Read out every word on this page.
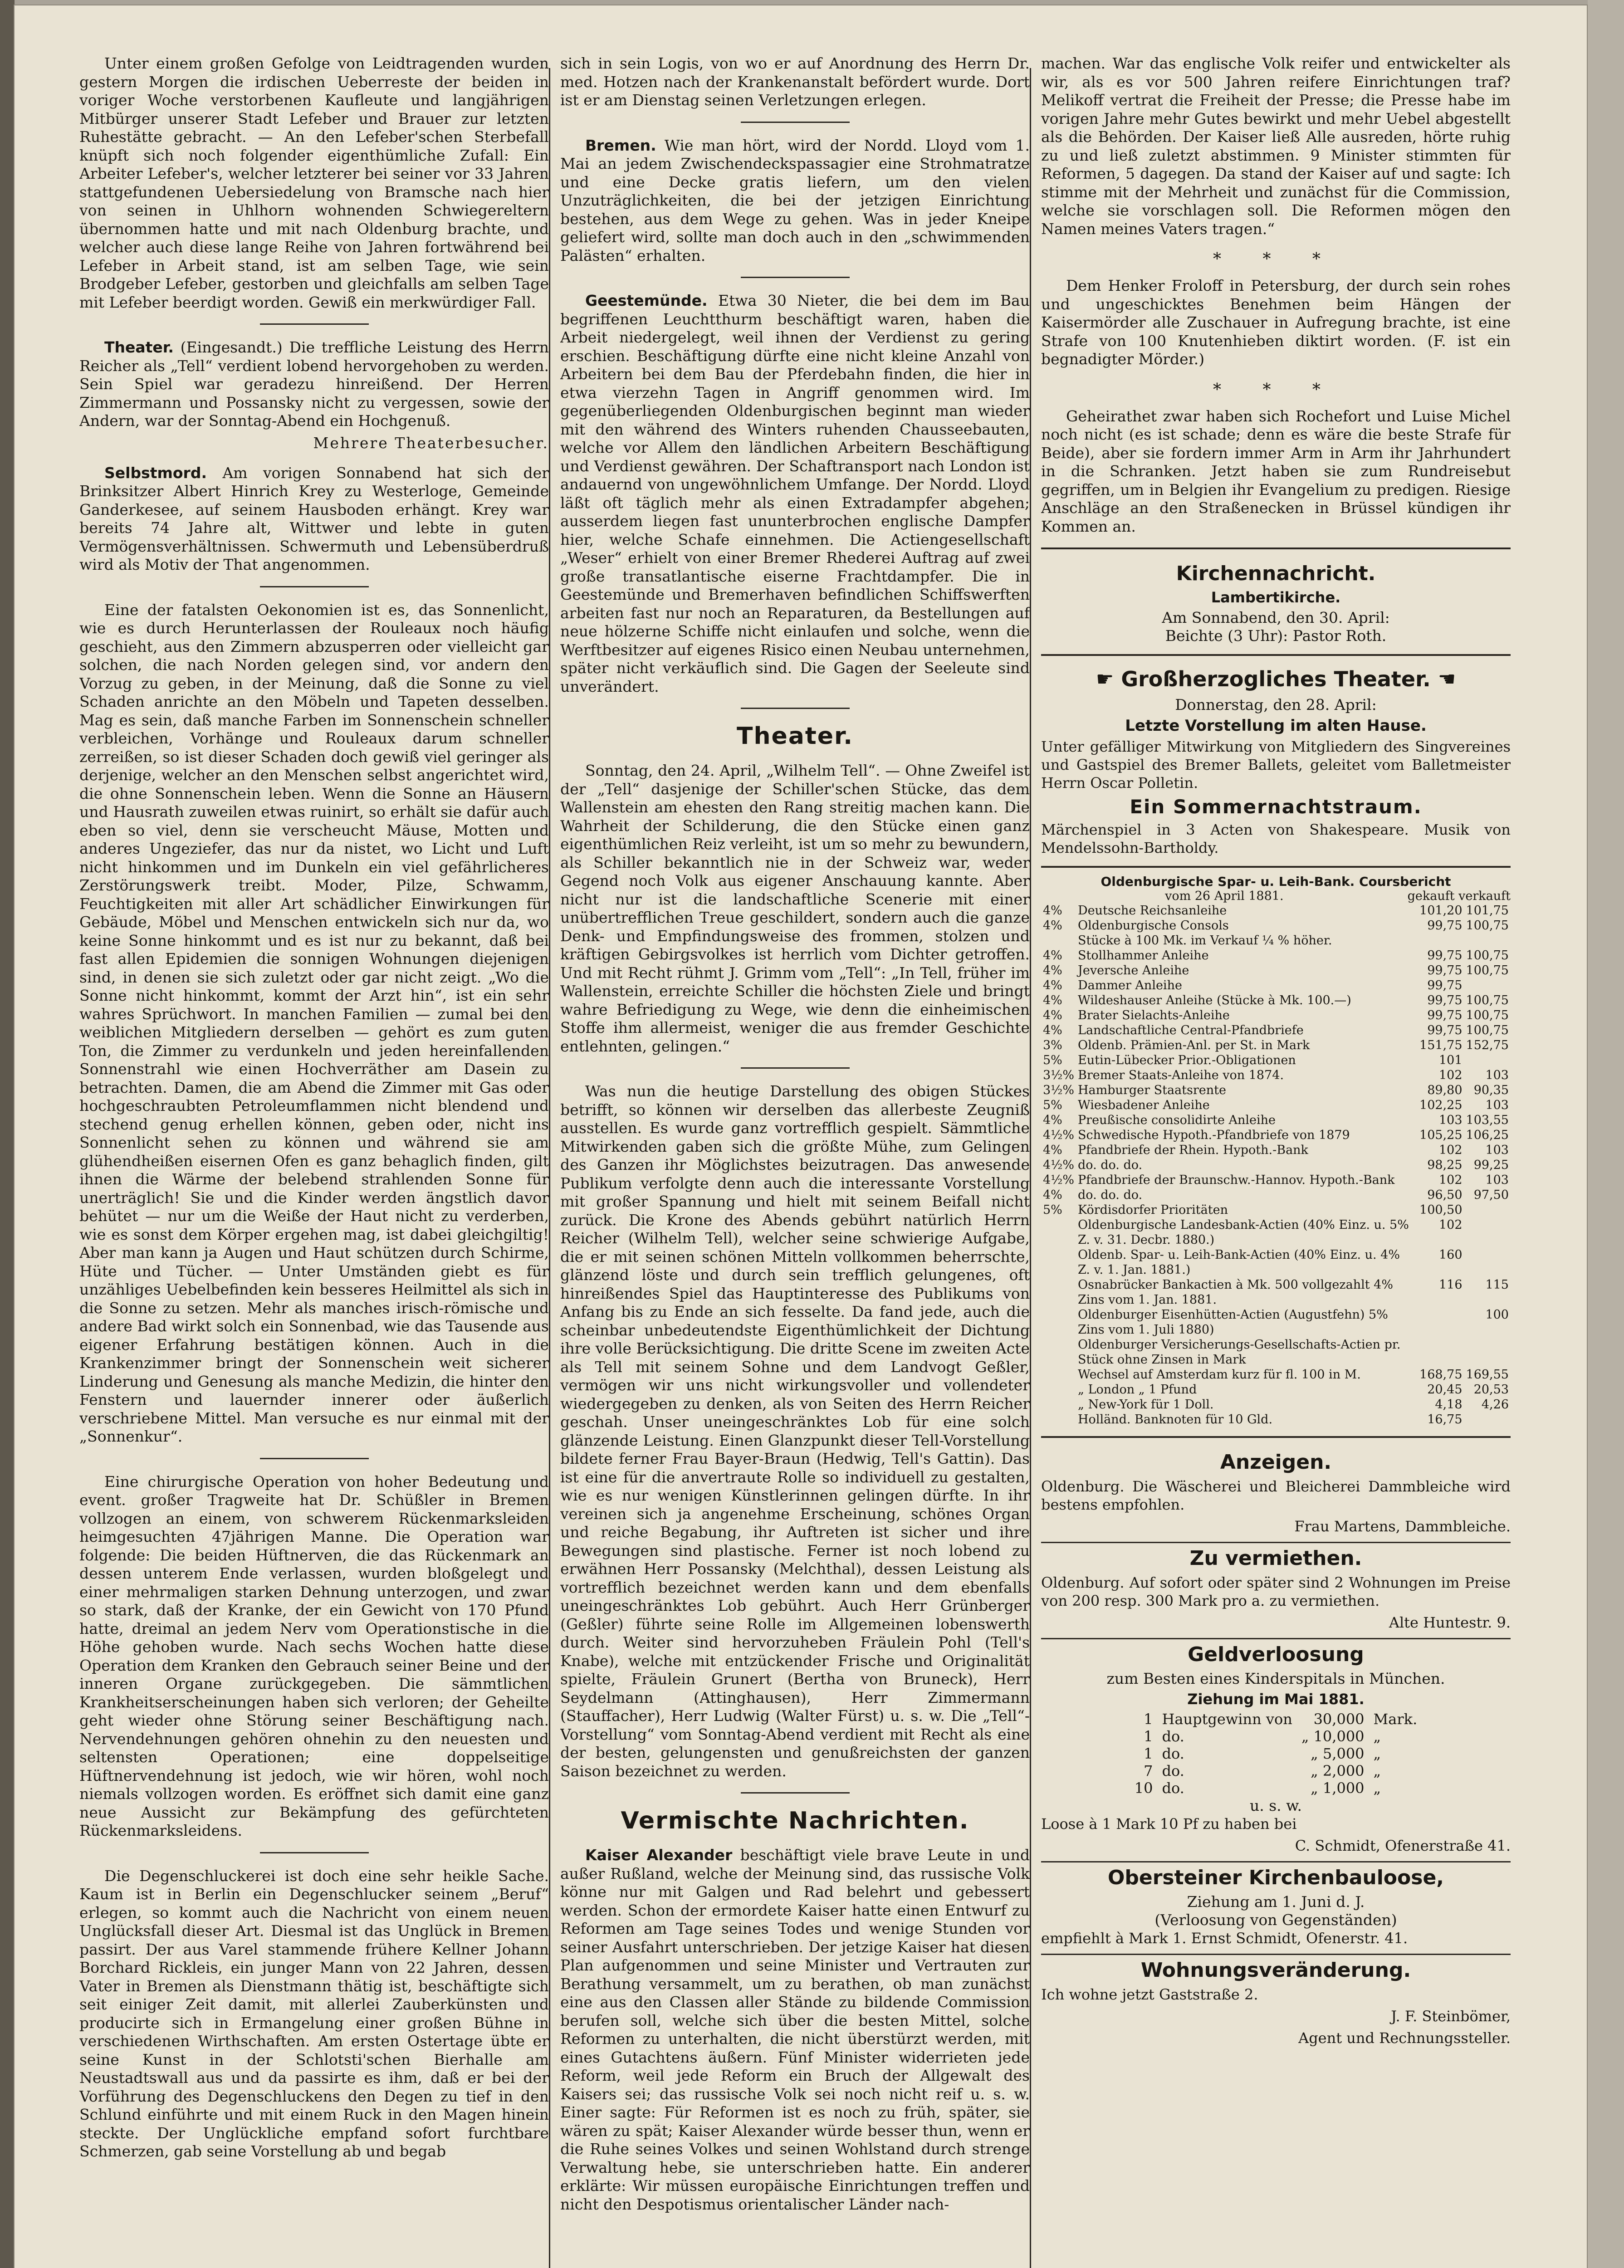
Unter einem großen Gefolge von Leidtragenden wurden gestern Morgen die irdischen Ueberreste der beiden in voriger Woche verstorbenen Kaufleute und langjährigen Mitbürger unserer Stadt Lefeber und Brauer zur letzten Ruhestätte gebracht. — An den Lefeber'schen Sterbefall knüpft sich noch folgender eigenthümliche Zufall: Ein Arbeiter Lefeber's, welcher letzterer bei seiner vor 33 Jahren stattgefundenen Uebersiedelung von Bramsche nach hier von seinen in Uhlhorn wohnenden Schwiegereltern übernommen hatte und mit nach Oldenburg brachte, und welcher auch diese lange Reihe von Jahren fortwährend bei Lefeber in Arbeit stand, ist am selben Tage, wie sein Brodgeber Lefeber, gestorben und gleichfalls am selben Tage mit Lefeber beerdigt worden. Gewiß ein merkwürdiger Fall.

Theater. (Eingesandt.) Die treffliche Leistung des Herrn Reicher als „Tell“ verdient lobend hervorgehoben zu werden. Sein Spiel war geradezu hinreißend. Der Herren Zimmermann und Possansky nicht zu vergessen, sowie der Andern, war der Sonntag-Abend ein Hochgenuß.

Mehrere Theaterbesucher.

Selbstmord. Am vorigen Sonnabend hat sich der Brinksitzer Albert Hinrich Krey zu Westerloge, Gemeinde Ganderkesee, auf seinem Hausboden erhängt. Krey war bereits 74 Jahre alt, Wittwer und lebte in guten Vermögensverhältnissen. Schwermuth und Lebensüberdruß wird als Motiv der That angenommen.

Eine der fatalsten Oekonomien ist es, das Sonnenlicht, wie es durch Herunterlassen der Rouleaux noch häufig geschieht, aus den Zimmern abzusperren oder vielleicht gar solchen, die nach Norden gelegen sind, vor andern den Vorzug zu geben, in der Meinung, daß die Sonne zu viel Schaden anrichte an den Möbeln und Tapeten desselben. Mag es sein, daß manche Farben im Sonnenschein schneller verbleichen, Vorhänge und Rouleaux darum schneller zerreißen, so ist dieser Schaden doch gewiß viel geringer als derjenige, welcher an den Menschen selbst angerichtet wird, die ohne Sonnenschein leben. Wenn die Sonne an Häusern und Hausrath zuweilen etwas ruinirt, so erhält sie dafür auch eben so viel, denn sie verscheucht Mäuse, Motten und anderes Ungeziefer, das nur da nistet, wo Licht und Luft nicht hinkommen und im Dunkeln ein viel gefährlicheres Zerstörungswerk treibt. Moder, Pilze, Schwamm, Feuchtigkeiten mit aller Art schädlicher Einwirkungen für Gebäude, Möbel und Menschen entwickeln sich nur da, wo keine Sonne hinkommt und es ist nur zu bekannt, daß bei fast allen Epidemien die sonnigen Wohnungen diejenigen sind, in denen sie sich zuletzt oder gar nicht zeigt. „Wo die Sonne nicht hinkommt, kommt der Arzt hin“, ist ein sehr wahres Sprüchwort. In manchen Familien — zumal bei den weiblichen Mitgliedern derselben — gehört es zum guten Ton, die Zimmer zu verdunkeln und jeden hereinfallenden Sonnenstrahl wie einen Hochverräther am Dasein zu betrachten. Damen, die am Abend die Zimmer mit Gas oder hochgeschraubten Petroleumflammen nicht blendend und stechend genug erhellen können, geben oder, nicht ins Sonnenlicht sehen zu können und während sie am glühendheißen eisernen Ofen es ganz behaglich finden, gilt ihnen die Wärme der belebend strahlenden Sonne für unerträglich! Sie und die Kinder werden ängstlich davor behütet — nur um die Weiße der Haut nicht zu verderben, wie es sonst dem Körper ergehen mag, ist dabei gleichgiltig! Aber man kann ja Augen und Haut schützen durch Schirme, Hüte und Tücher. — Unter Umständen giebt es für unzähliges Uebelbefinden kein besseres Heilmittel als sich in die Sonne zu setzen. Mehr als manches irisch-römische und andere Bad wirkt solch ein Sonnenbad, wie das Tausende aus eigener Erfahrung bestätigen können. Auch in die Krankenzimmer bringt der Sonnenschein weit sicherer Linderung und Genesung als manche Medizin, die hinter den Fenstern und lauernder innerer oder äußerlich verschriebene Mittel. Man versuche es nur einmal mit der „Sonnenkur“.

Eine chirurgische Operation von hoher Bedeutung und event. großer Tragweite hat Dr. Schüßler in Bremen vollzogen an einem, von schwerem Rückenmarksleiden heimgesuchten 47jährigen Manne. Die Operation war folgende: Die beiden Hüftnerven, die das Rückenmark an dessen unterem Ende verlassen, wurden bloßgelegt und einer mehrmaligen starken Dehnung unterzogen, und zwar so stark, daß der Kranke, der ein Gewicht von 170 Pfund hatte, dreimal an jedem Nerv vom Operationstische in die Höhe gehoben wurde. Nach sechs Wochen hatte diese Operation dem Kranken den Gebrauch seiner Beine und der inneren Organe zurückgegeben. Die sämmtlichen Krankheitserscheinungen haben sich verloren; der Geheilte geht wieder ohne Störung seiner Beschäftigung nach. Nervendehnungen gehören ohnehin zu den neuesten und seltensten Operationen; eine doppelseitige Hüftnervendehnung ist jedoch, wie wir hören, wohl noch niemals vollzogen worden. Es eröffnet sich damit eine ganz neue Aussicht zur Bekämpfung des gefürchteten Rückenmarksleidens.

Die Degenschluckerei ist doch eine sehr heikle Sache. Kaum ist in Berlin ein Degenschlucker seinem „Beruf“ erlegen, so kommt auch die Nachricht von einem neuen Unglücksfall dieser Art. Diesmal ist das Unglück in Bremen passirt. Der aus Varel stammende frühere Kellner Johann Borchard Rickleis, ein junger Mann von 22 Jahren, dessen Vater in Bremen als Dienstmann thätig ist, beschäftigte sich seit einiger Zeit damit, mit allerlei Zauberkünsten und producirte sich in Ermangelung einer großen Bühne in verschiedenen Wirthschaften. Am ersten Ostertage übte er seine Kunst in der Schlotsti'schen Bierhalle am Neustadtswall aus und da passirte es ihm, daß er bei der Vorführung des Degenschluckens den Degen zu tief in den Schlund einführte und mit einem Ruck in den Magen hinein steckte. Der Unglückliche empfand sofort furchtbare Schmerzen, gab seine Vorstellung ab und begab

sich in sein Logis, von wo er auf Anordnung des Herrn Dr. med. Hotzen nach der Krankenanstalt befördert wurde. Dort ist er am Dienstag seinen Verletzungen erlegen.

Bremen. Wie man hört, wird der Nordd. Lloyd vom 1. Mai an jedem Zwischendeckspassagier eine Strohmatratze und eine Decke gratis liefern, um den vielen Unzuträglichkeiten, die bei der jetzigen Einrichtung bestehen, aus dem Wege zu gehen. Was in jeder Kneipe geliefert wird, sollte man doch auch in den „schwimmenden Palästen“ erhalten.

Geestemünde. Etwa 30 Nieter, die bei dem im Bau begriffenen Leuchtthurm beschäftigt waren, haben die Arbeit niedergelegt, weil ihnen der Verdienst zu gering erschien. Beschäftigung dürfte eine nicht kleine Anzahl von Arbeitern bei dem Bau der Pferdebahn finden, die hier in etwa vierzehn Tagen in Angriff genommen wird. Im gegenüberliegenden Oldenburgischen beginnt man wieder mit den während des Winters ruhenden Chausseebauten, welche vor Allem den ländlichen Arbeitern Beschäftigung und Verdienst gewähren. Der Schaftransport nach London ist andauernd von ungewöhnlichem Umfange. Der Nordd. Lloyd läßt oft täglich mehr als einen Extradampfer abgehen; ausserdem liegen fast ununterbrochen englische Dampfer hier, welche Schafe einnehmen. Die Actiengesellschaft „Weser“ erhielt von einer Bremer Rhederei Auftrag auf zwei große transatlantische eiserne Frachtdampfer. Die in Geestemünde und Bremerhaven befindlichen Schiffswerften arbeiten fast nur noch an Reparaturen, da Bestellungen auf neue hölzerne Schiffe nicht einlaufen und solche, wenn die Werftbesitzer auf eigenes Risico einen Neubau unternehmen, später nicht verkäuflich sind. Die Gagen der Seeleute sind unverändert.

Theater.

Sonntag, den 24. April, „Wilhelm Tell“. — Ohne Zweifel ist der „Tell“ dasjenige der Schiller'schen Stücke, das dem Wallenstein am ehesten den Rang streitig machen kann. Die Wahrheit der Schilderung, die den Stücke einen ganz eigenthümlichen Reiz verleiht, ist um so mehr zu bewundern, als Schiller bekanntlich nie in der Schweiz war, weder Gegend noch Volk aus eigener Anschauung kannte. Aber nicht nur ist die landschaftliche Scenerie mit einer unübertrefflichen Treue geschildert, sondern auch die ganze Denk- und Empfindungsweise des frommen, stolzen und kräftigen Gebirgsvolkes ist herrlich vom Dichter getroffen. Und mit Recht rühmt J. Grimm vom „Tell“: „In Tell, früher im Wallenstein, erreichte Schiller die höchsten Ziele und bringt wahre Befriedigung zu Wege, wie denn die einheimischen Stoffe ihm allermeist, weniger die aus fremder Geschichte entlehnten, gelingen.“

Was nun die heutige Darstellung des obigen Stückes betrifft, so können wir derselben das allerbeste Zeugniß ausstellen. Es wurde ganz vortrefflich gespielt. Sämmtliche Mitwirkenden gaben sich die größte Mühe, zum Gelingen des Ganzen ihr Möglichstes beizutragen. Das anwesende Publikum verfolgte denn auch die interessante Vorstellung mit großer Spannung und hielt mit seinem Beifall nicht zurück. Die Krone des Abends gebührt natürlich Herrn Reicher (Wilhelm Tell), welcher seine schwierige Aufgabe, die er mit seinen schönen Mitteln vollkommen beherrschte, glänzend löste und durch sein trefflich gelungenes, oft hinreißendes Spiel das Hauptinteresse des Publikums von Anfang bis zu Ende an sich fesselte. Da fand jede, auch die scheinbar unbedeutendste Eigenthümlichkeit der Dichtung ihre volle Berücksichtigung. Die dritte Scene im zweiten Acte als Tell mit seinem Sohne und dem Landvogt Geßler, vermögen wir uns nicht wirkungsvoller und vollendeter wiedergegeben zu denken, als von Seiten des Herrn Reicher geschah. Unser uneingeschränktes Lob für eine solch glänzende Leistung. Einen Glanzpunkt dieser Tell-Vorstellung bildete ferner Frau Bayer-Braun (Hedwig, Tell's Gattin). Das ist eine für die anvertraute Rolle so individuell zu gestalten, wie es nur wenigen Künstlerinnen gelingen dürfte. In ihr vereinen sich ja angenehme Erscheinung, schönes Organ und reiche Begabung, ihr Auftreten ist sicher und ihre Bewegungen sind plastische. Ferner ist noch lobend zu erwähnen Herr Possansky (Melchthal), dessen Leistung als vortrefflich bezeichnet werden kann und dem ebenfalls uneingeschränktes Lob gebührt. Auch Herr Grünberger (Geßler) führte seine Rolle im Allgemeinen lobenswerth durch. Weiter sind hervorzuheben Fräulein Pohl (Tell's Knabe), welche mit entzückender Frische und Originalität spielte, Fräulein Grunert (Bertha von Bruneck), Herr Seydelmann (Attinghausen), Herr Zimmermann (Stauffacher), Herr Ludwig (Walter Fürst) u. s. w. Die „Tell“-Vorstellung“ vom Sonntag-Abend verdient mit Recht als eine der besten, gelungensten und genußreichsten der ganzen Saison bezeichnet zu werden.

Vermischte Nachrichten.

Kaiser Alexander beschäftigt viele brave Leute in und außer Rußland, welche der Meinung sind, das russische Volk könne nur mit Galgen und Rad belehrt und gebessert werden. Schon der ermordete Kaiser hatte einen Entwurf zu Reformen am Tage seines Todes und wenige Stunden vor seiner Ausfahrt unterschrieben. Der jetzige Kaiser hat diesen Plan aufgenommen und seine Minister und Vertrauten zur Berathung versammelt, um zu berathen, ob man zunächst eine aus den Classen aller Stände zu bildende Commission berufen soll, welche sich über die besten Mittel, solche Reformen zu unterhalten, die nicht überstürzt werden, mit eines Gutachtens äußern. Fünf Minister widerrieten jede Reform, weil jede Reform ein Bruch der Allgewalt des Kaisers sei; das russische Volk sei noch nicht reif u. s. w. Einer sagte: Für Reformen ist es noch zu früh, später, sie wären zu spät; Kaiser Alexander würde besser thun, wenn er die Ruhe seines Volkes und seinen Wohlstand durch strenge Verwaltung hebe, sie unterschrieben hatte. Ein anderer erklärte: Wir müssen europäische Einrichtungen treffen und nicht den Despotismus orientalischer Länder nach-

machen. War das englische Volk reifer und entwickelter als wir, als es vor 500 Jahren reifere Einrichtungen traf? Melikoff vertrat die Freiheit der Presse; die Presse habe im vorigen Jahre mehr Gutes bewirkt und mehr Uebel abgestellt als die Behörden. Der Kaiser ließ Alle ausreden, hörte ruhig zu und ließ zuletzt abstimmen. 9 Minister stimmten für Reformen, 5 dagegen. Da stand der Kaiser auf und sagte: Ich stimme mit der Mehrheit und zunächst für die Commission, welche sie vorschlagen soll. Die Reformen mögen den Namen meines Vaters tragen.“

* * *

Dem Henker Froloff in Petersburg, der durch sein rohes und ungeschicktes Benehmen beim Hängen der Kaisermörder alle Zuschauer in Aufregung brachte, ist eine Strafe von 100 Knutenhieben diktirt worden. (F. ist ein begnadigter Mörder.)

* * *

Geheirathet zwar haben sich Rochefort und Luise Michel noch nicht (es ist schade; denn es wäre die beste Strafe für Beide), aber sie fordern immer Arm in Arm ihr Jahrhundert in die Schranken. Jetzt haben sie zum Rundreisebut gegriffen, um in Belgien ihr Evangelium zu predigen. Riesige Anschläge an den Straßenecken in Brüssel kündigen ihr Kommen an.

Kirchennachricht.
Lambertikirche.
Am Sonnabend, den 30. April:
Beichte (3 Uhr): Pastor Roth.
☛ Großherzogliches Theater. ☚
Donnerstag, den 28. April:
Letzte Vorstellung im alten Hause.
Unter gefälliger Mitwirkung von Mitgliedern des Singvereines und Gastspiel des Bremer Ballets, geleitet vom Balletmeister Herrn Oscar Polletin.
Ein Sommernachtstraum.
Märchenspiel in 3 Acten von Shakespeare. Musik von Mendelssohn-Bartholdy.
Oldenburgische Spar- u. Leih-Bank. Coursbericht
vom 26 April 1881.	gekauft verkauft
4%	Deutsche Reichsanleihe	101,20	101,75
4%	Oldenburgische Consols	99,75	100,75
	Stücke à 100 Mk. im Verkauf ¼ % höher.		
4%	Stollhammer Anleihe	99,75	100,75
4%	Jeversche Anleihe	99,75	100,75
4%	Dammer Anleihe	99,75	
4%	Wildeshauser Anleihe (Stücke à Mk. 100.—)	99,75	100,75
4%	Brater Sielachts-Anleihe	99,75	100,75
4%	Landschaftliche Central-Pfandbriefe	99,75	100,75
3%	Oldenb. Prämien-Anl. per St. in Mark	151,75	152,75
5%	Eutin-Lübecker Prior.-Obligationen	101	
3½%	Bremer Staats-Anleihe von 1874.	102	103
3½%	Hamburger Staatsrente	89,80	90,35
5%	Wiesbadener Anleihe	102,25	103
4%	Preußische consolidirte Anleihe	103	103,55
4½%	Schwedische Hypoth.-Pfandbriefe von 1879	105,25	106,25
4%	Pfandbriefe der Rhein. Hypoth.-Bank	102	103
4½%	do. do. do.	98,25	99,25
4½%	Pfandbriefe der Braunschw.-Hannov. Hypoth.-Bank	102	103
4%	do. do. do.	96,50	97,50
5%	Kördisdorfer Prioritäten	100,50	
	Oldenburgische Landesbank-Actien (40% Einz. u. 5% Z. v. 31. Decbr. 1880.)	102	
	Oldenb. Spar- u. Leih-Bank-Actien (40% Einz. u. 4% Z. v. 1. Jan. 1881.)	160	
	Osnabrücker Bankactien à Mk. 500 vollgezahlt 4% Zins vom 1. Jan. 1881.	116	115
	Oldenburger Eisenhütten-Actien (Augustfehn) 5% Zins vom 1. Juli 1880)		100
	Oldenburger Versicherungs-Gesellschafts-Actien pr. Stück ohne Zinsen in Mark		
	Wechsel auf Amsterdam kurz für fl. 100 in M.	168,75	169,55
	„ London „ 1 Pfund	20,45	20,53
	„ New-York für 1 Doll.	4,18	4,26
	Holländ. Banknoten für 10 Gld.	16,75	
Anzeigen.
Oldenburg. Die Wäscherei und Bleicherei Dammbleiche wird bestens empfohlen.
Frau Martens, Dammbleiche.
Zu vermiethen.
Oldenburg. Auf sofort oder später sind 2 Wohnungen im Preise von 200 resp. 300 Mark pro a. zu vermiethen.
Alte Huntestr. 9.
Geldverloosung
zum Besten eines Kinderspitals in München.
Ziehung im Mai 1881.
1	Hauptgewinn von	30,000	Mark.
1	do.	„ 10,000	„
1	do.	„ 5,000	„
7	do.	„ 2,000	„
10	do.	„ 1,000	„
u. s. w.
Loose à 1 Mark 10 Pf zu haben bei
C. Schmidt, Ofenerstraße 41.
Obersteiner Kirchenbauloose,
Ziehung am 1. Juni d. J.
(Verloosung von Gegenständen)
empfiehlt à Mark 1. Ernst Schmidt, Ofenerstr. 41.
Wohnungsveränderung.
Ich wohne jetzt Gaststraße 2.
J. F. Steinbömer,
Agent und Rechnungssteller.
